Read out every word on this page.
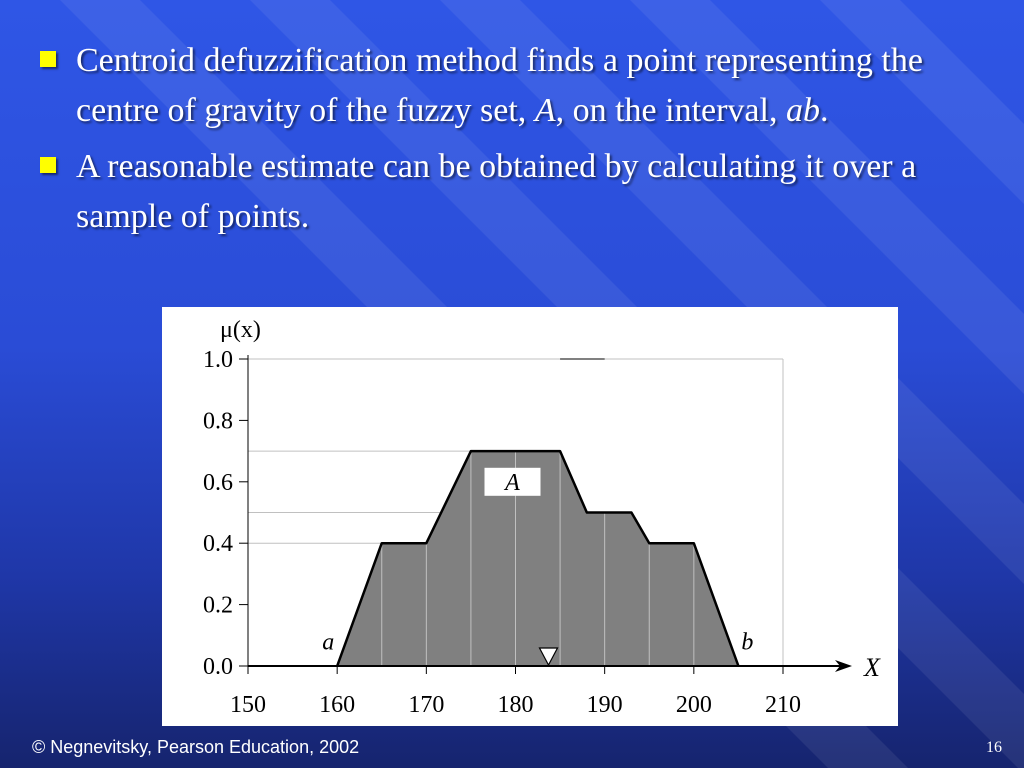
Centroid defuzzification method finds a point representing the centre of gravity of the fuzzy set, A, on the interval, ab.
A reasonable estimate can be obtained by calculating it over a sample of points.
0.0
0.2
0.4
0.6
0.8
1.0
150 160 170 180 190 200 210
μ(x)
X
A
a	b
© Negnevitsky, Pearson Education, 2002	16
